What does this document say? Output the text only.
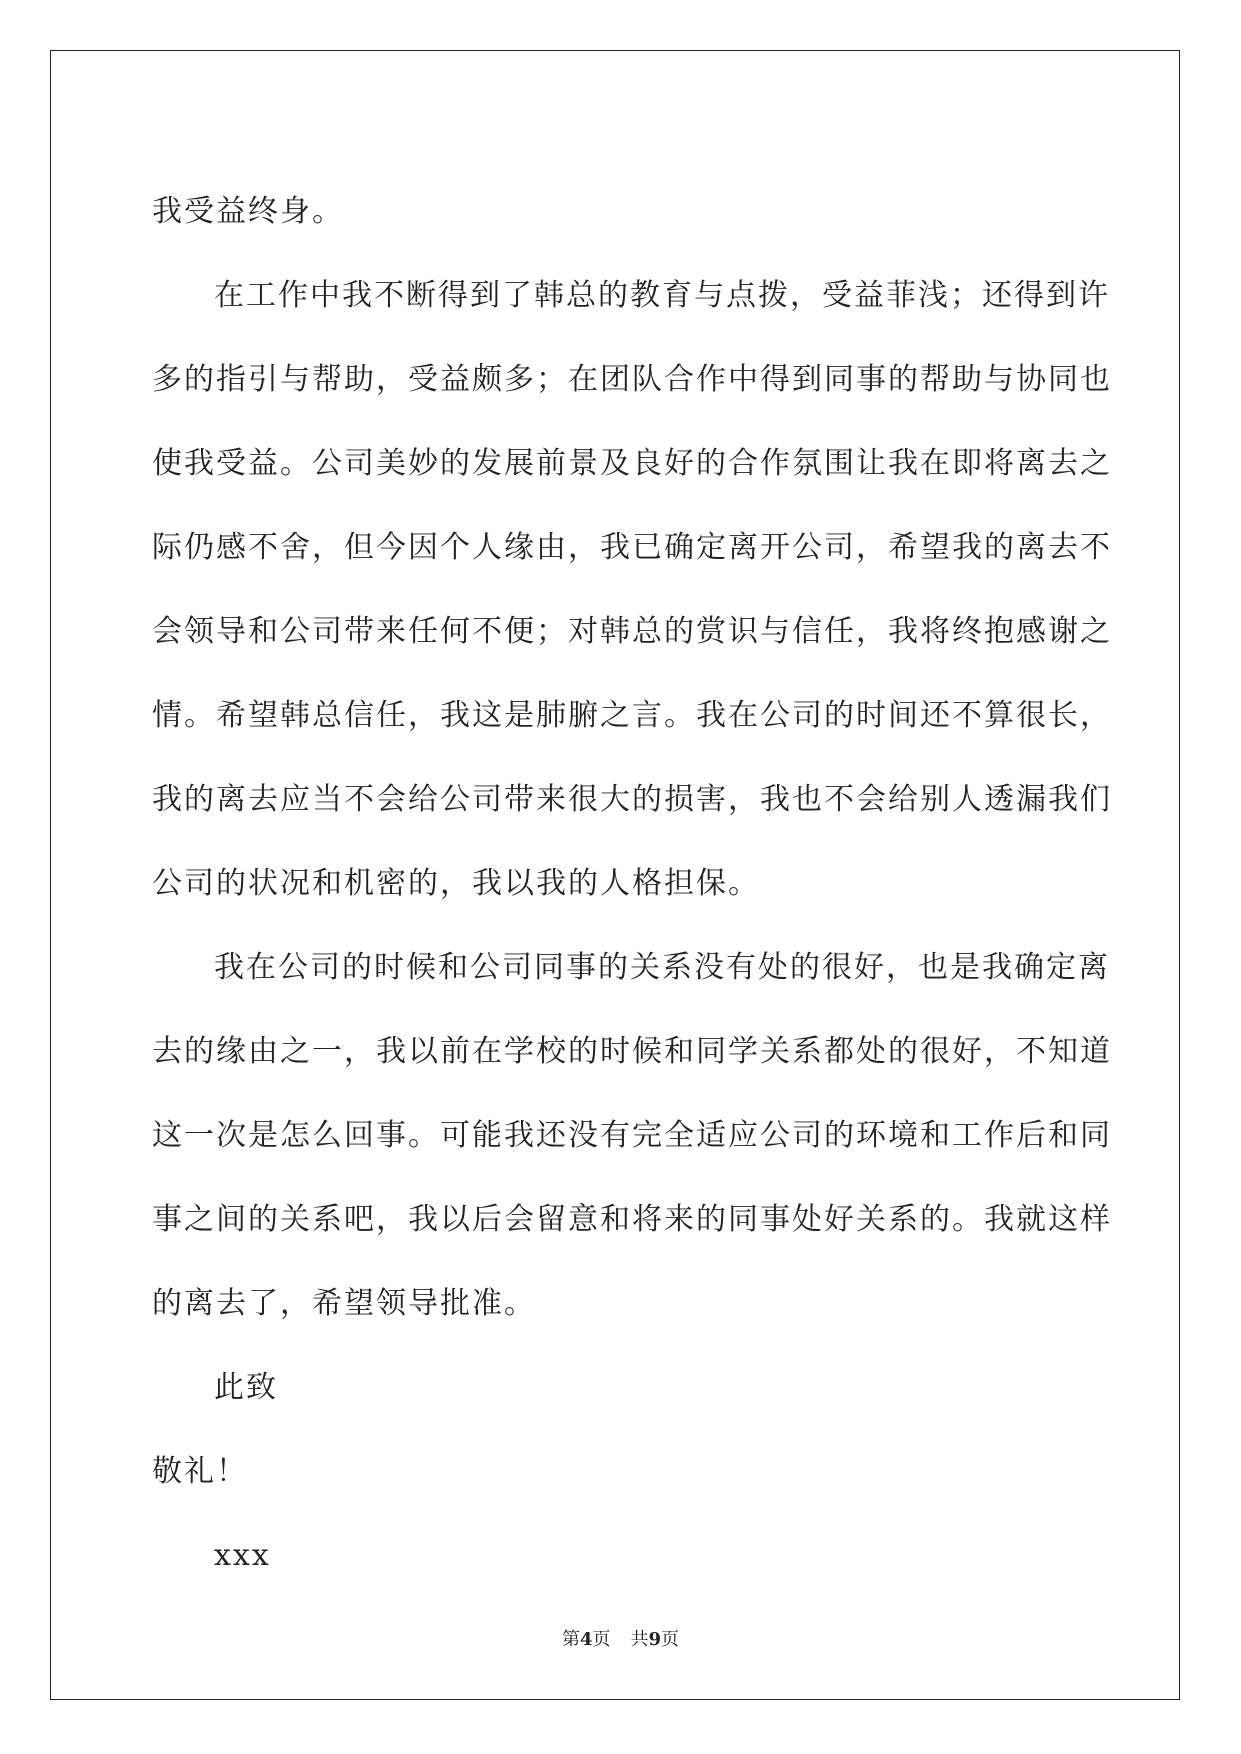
我受益终身。
在工作中我不断得到了韩总的教育与点拨，受益菲浅；还得到许
多的指引与帮助，受益颇多；在团队合作中得到同事的帮助与协同也
使我受益。公司美妙的发展前景及良好的合作氛围让我在即将离去之
际仍感不舍，但今因个人缘由，我已确定离开公司，希望我的离去不
会领导和公司带来任何不便；对韩总的赏识与信任，我将终抱感谢之
情。希望韩总信任，我这是肺腑之言。我在公司的时间还不算很长，
我的离去应当不会给公司带来很大的损害，我也不会给别人透漏我们
公司的状况和机密的，我以我的人格担保。
我在公司的时候和公司同事的关系没有处的很好，也是我确定离
去的缘由之一，我以前在学校的时候和同学关系都处的很好，不知道
这一次是怎么回事。可能我还没有完全适应公司的环境和工作后和同
事之间的关系吧，我以后会留意和将来的同事处好关系的。我就这样
的离去了，希望领导批准。
此致
敬礼！
xxx
第4页 共9页
